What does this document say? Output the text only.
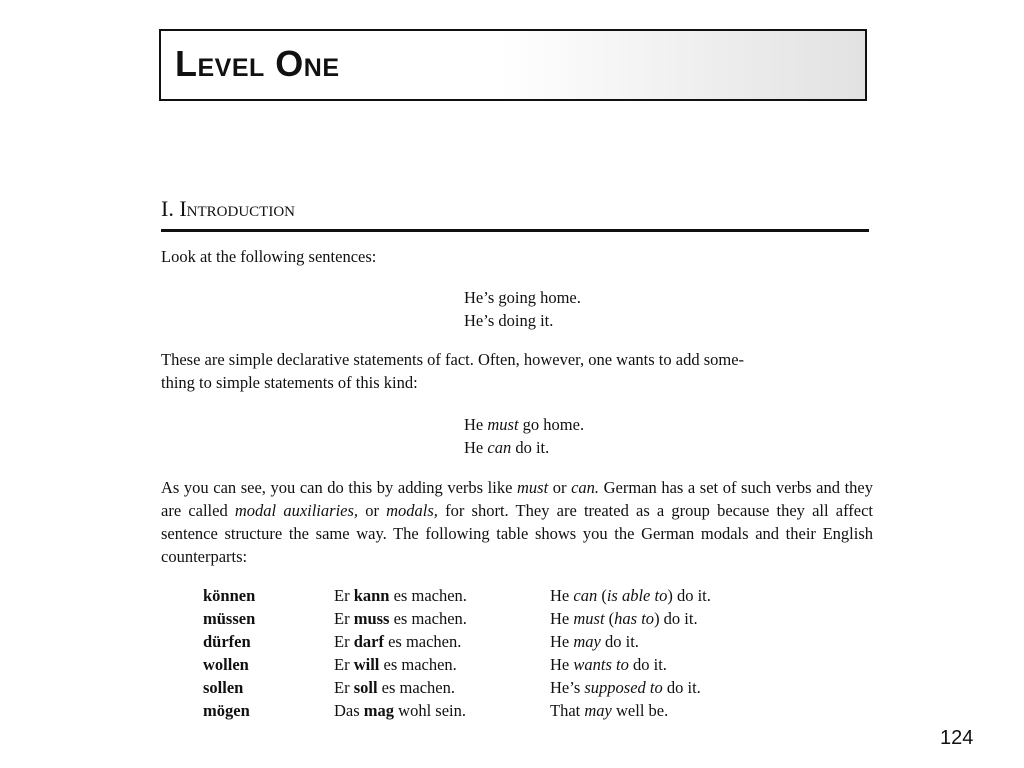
Level One
I. Introduction
Look at the following sentences:
He’s going home.
He’s doing it.
These are simple declarative statements of fact. Often, however, one wants to add some-
thing to simple statements of this kind:
He must go home.
He can do it.
As you can see, you can do this by adding verbs like must or can. German has a set of such verbs and they are called modal auxiliaries, or modals, for short. They are treated as a group because they all affect sentence structure the same way. The following table shows you the German modals and their English counterparts:
können	Er kann es machen.	He can (is able to) do it.
müssen	Er muss es machen.	He must (has to) do it.
dürfen	Er darf es machen.	He may do it.
wollen	Er will es machen.	He wants to do it.
sollen	Er soll es machen.	He’s supposed to do it.
mögen	Das mag wohl sein.	That may well be.
124
